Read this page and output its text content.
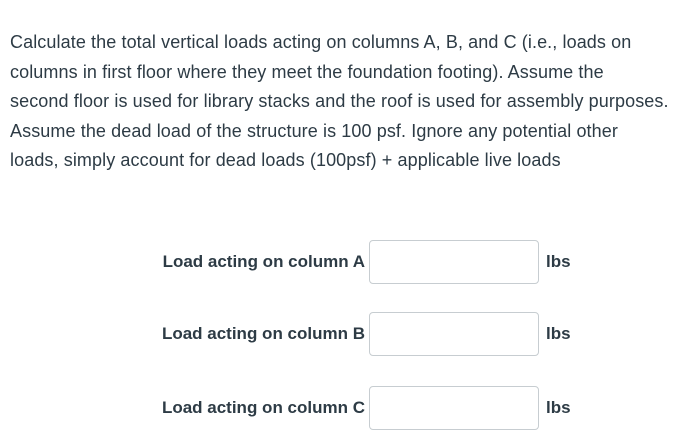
Calculate the total vertical loads acting on columns A, B, and C (i.e., loads on
columns in first floor where they meet the foundation footing). Assume the
second floor is used for library stacks and the roof is used for assembly purposes.
Assume the dead load of the structure is 100 psf. Ignore any potential other
loads, simply account for dead loads (100psf) + applicable live loads
Load acting on column A	lbs
Load acting on column B	lbs
Load acting on column C	lbs
